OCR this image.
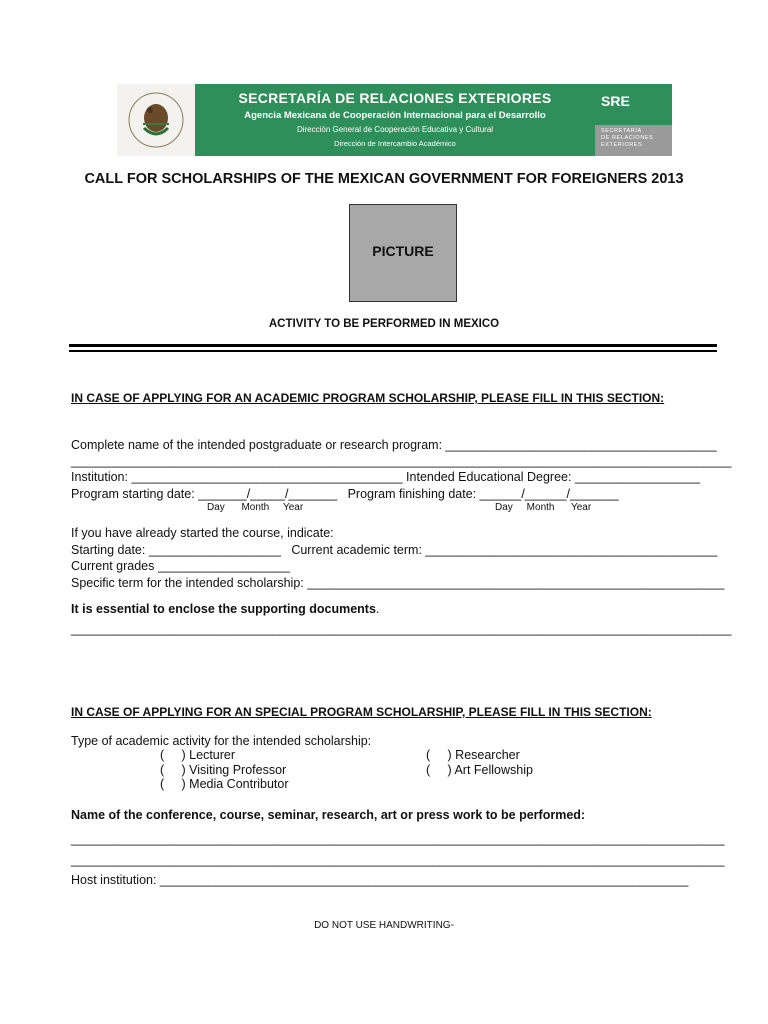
SECRETARÍA DE RELACIONES EXTERIORES
Agencia Mexicana de Cooperación Internacional para el Desarrollo
Dirección General de Cooperación Educativa y Cultural
Dirección de Intercambio Académico
SRE
SECRETARÍA
DE RELACIONES
EXTERIORES
CALL FOR SCHOLARSHIPS OF THE MEXICAN GOVERNMENT FOR FOREIGNERS 2013
PICTURE
ACTIVITY TO BE PERFORMED IN MEXICO
IN CASE OF APPLYING FOR AN ACADEMIC PROGRAM SCHOLARSHIP, PLEASE FILL IN THIS SECTION:
Complete name of the intended postgraduate or research program: _______________________________________
_______________________________________________________________________________________________
Institution: _______________________________________ Intended Educational Degree: __________________
Program starting date: _______/_____/_______   Program finishing date: ______/______/_______
Day      Month     Year	Day     Month      Year
If you have already started the course, indicate:
Starting date: ___________________   Current academic term: __________________________________________
Current grades ___________________
Specific term for the intended scholarship: ____________________________________________________________
It is essential to enclose the supporting documents.
_______________________________________________________________________________________________
IN CASE OF APPLYING FOR AN SPECIAL PROGRAM SCHOLARSHIP, PLEASE FILL IN THIS SECTION:
Type of academic activity for the intended scholarship:
(     ) Lecturer
(     ) Visiting Professor
(     ) Media Contributor
(     ) Researcher
(     ) Art Fellowship
Name of the conference, course, seminar, research, art or press work to be performed:
______________________________________________________________________________________________
______________________________________________________________________________________________
Host institution: ____________________________________________________________________________
DO NOT USE HANDWRITING-
